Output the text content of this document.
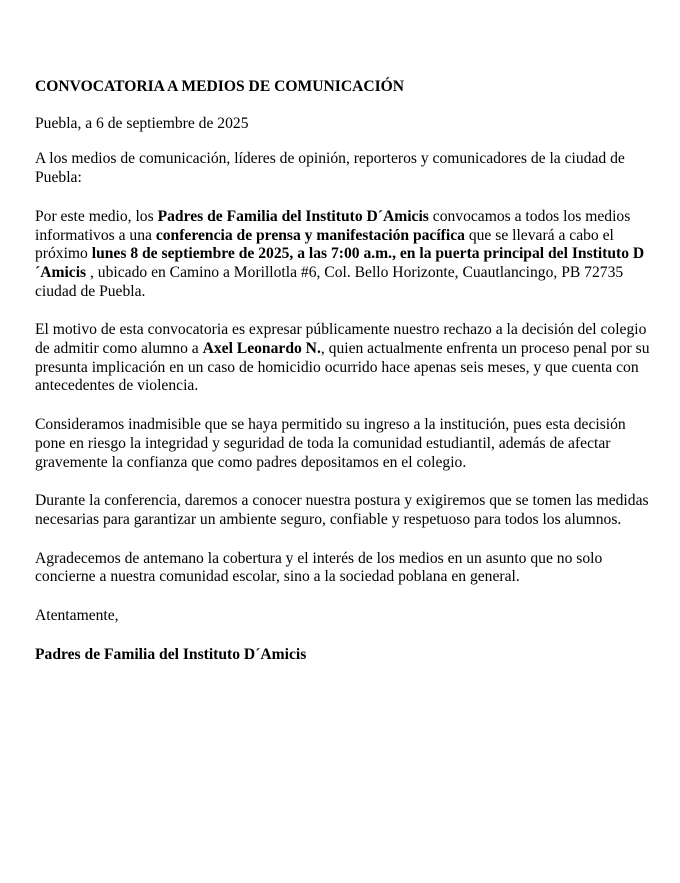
CONVOCATORIA A MEDIOS DE COMUNICACIÓN

Puebla, a 6 de septiembre de 2025

A los medios de comunicación, líderes de opinión, reporteros y comunicadores de la ciudad de Puebla:

Por este medio, los Padres de Familia del Instituto D´Amicis convocamos a todos los medios informativos a una conferencia de prensa y manifestación pacífica que se llevará a cabo el próximo lunes 8 de septiembre de 2025, a las 7:00 a.m., en la puerta principal del Instituto D´Amicis , ubicado en Camino a Morillotla #6, Col. Bello Horizonte, Cuautlancingo, PB 72735 ciudad de Puebla.

El motivo de esta convocatoria es expresar públicamente nuestro rechazo a la decisión del colegio de admitir como alumno a Axel Leonardo N., quien actualmente enfrenta un proceso penal por su presunta implicación en un caso de homicidio ocurrido hace apenas seis meses, y que cuenta con antecedentes de violencia.

Consideramos inadmisible que se haya permitido su ingreso a la institución, pues esta decisión pone en riesgo la integridad y seguridad de toda la comunidad estudiantil, además de afectar gravemente la confianza que como padres depositamos en el colegio.

Durante la conferencia, daremos a conocer nuestra postura y exigiremos que se tomen las medidas necesarias para garantizar un ambiente seguro, confiable y respetuoso para todos los alumnos.

Agradecemos de antemano la cobertura y el interés de los medios en un asunto que no solo concierne a nuestra comunidad escolar, sino a la sociedad poblana en general.

Atentamente,

Padres de Familia del Instituto D´Amicis
